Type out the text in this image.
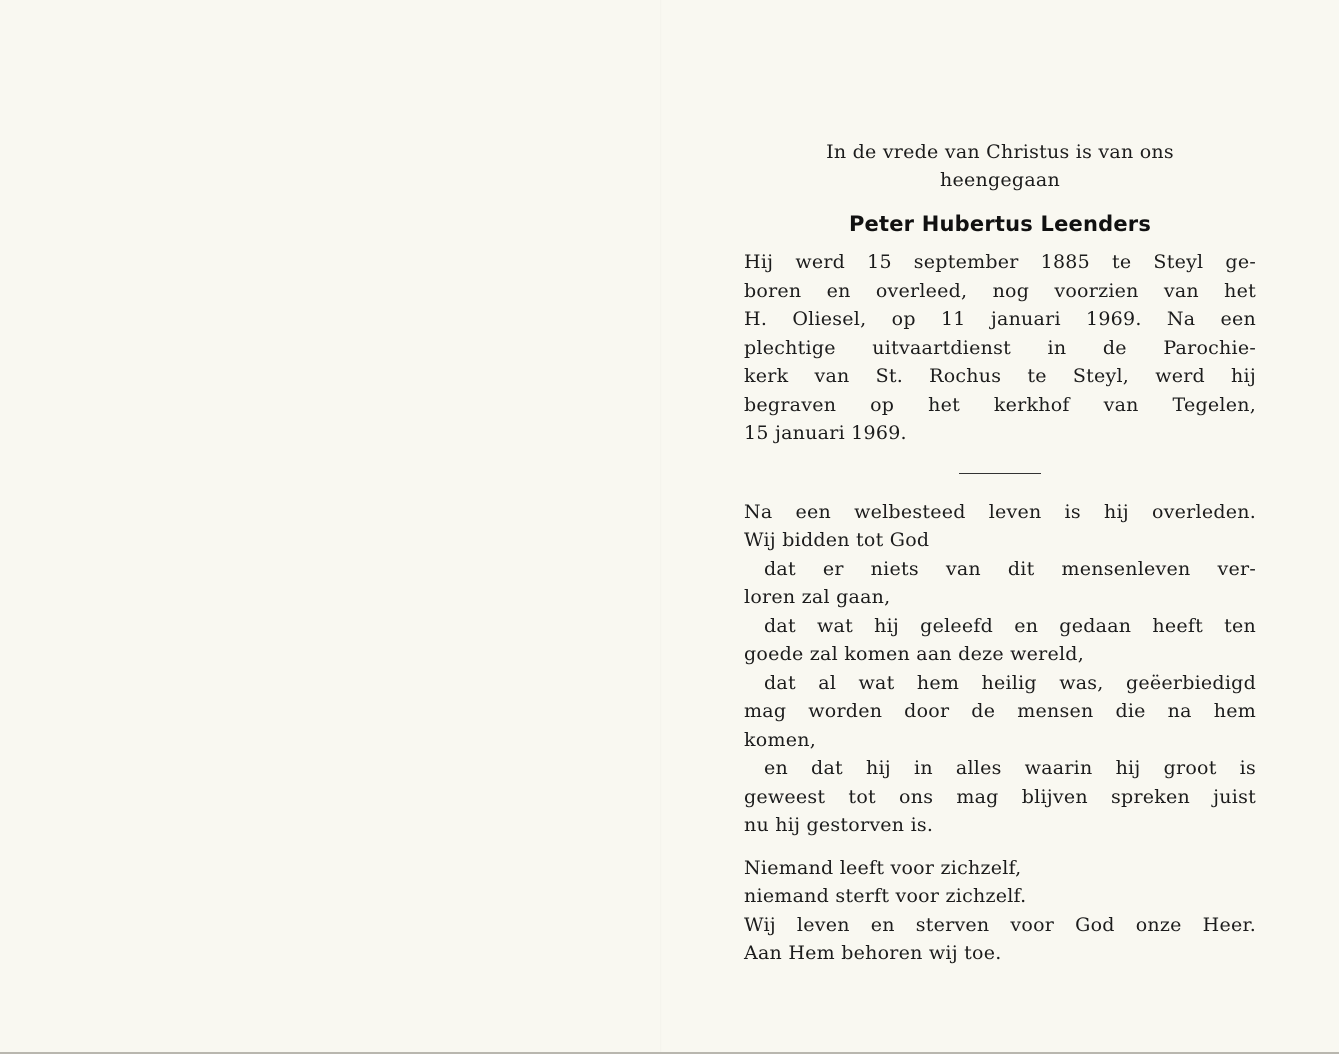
In de vrede van Christus is van ons
heengegaan

Peter Hubertus Leenders

Hij werd 15 september 1885 te Steyl ge-
boren en overleed, nog voorzien van het
H. Oliesel, op 11 januari 1969. Na een
plechtige uitvaartdienst in de Parochie-
kerk van St. Rochus te Steyl, werd hij
begraven op het kerkhof van Tegelen,
15 januari 1969.

Na een welbesteed leven is hij overleden.
Wij bidden tot God
dat er niets van dit mensenleven ver-
loren zal gaan,
dat wat hij geleefd en gedaan heeft ten
goede zal komen aan deze wereld,
dat al wat hem heilig was, geëerbiedigd
mag worden door de mensen die na hem
komen,
en dat hij in alles waarin hij groot is
geweest tot ons mag blijven spreken juist
nu hij gestorven is.

Niemand leeft voor zichzelf,
niemand sterft voor zichzelf.
Wij leven en sterven voor God onze Heer.
Aan Hem behoren wij toe.
